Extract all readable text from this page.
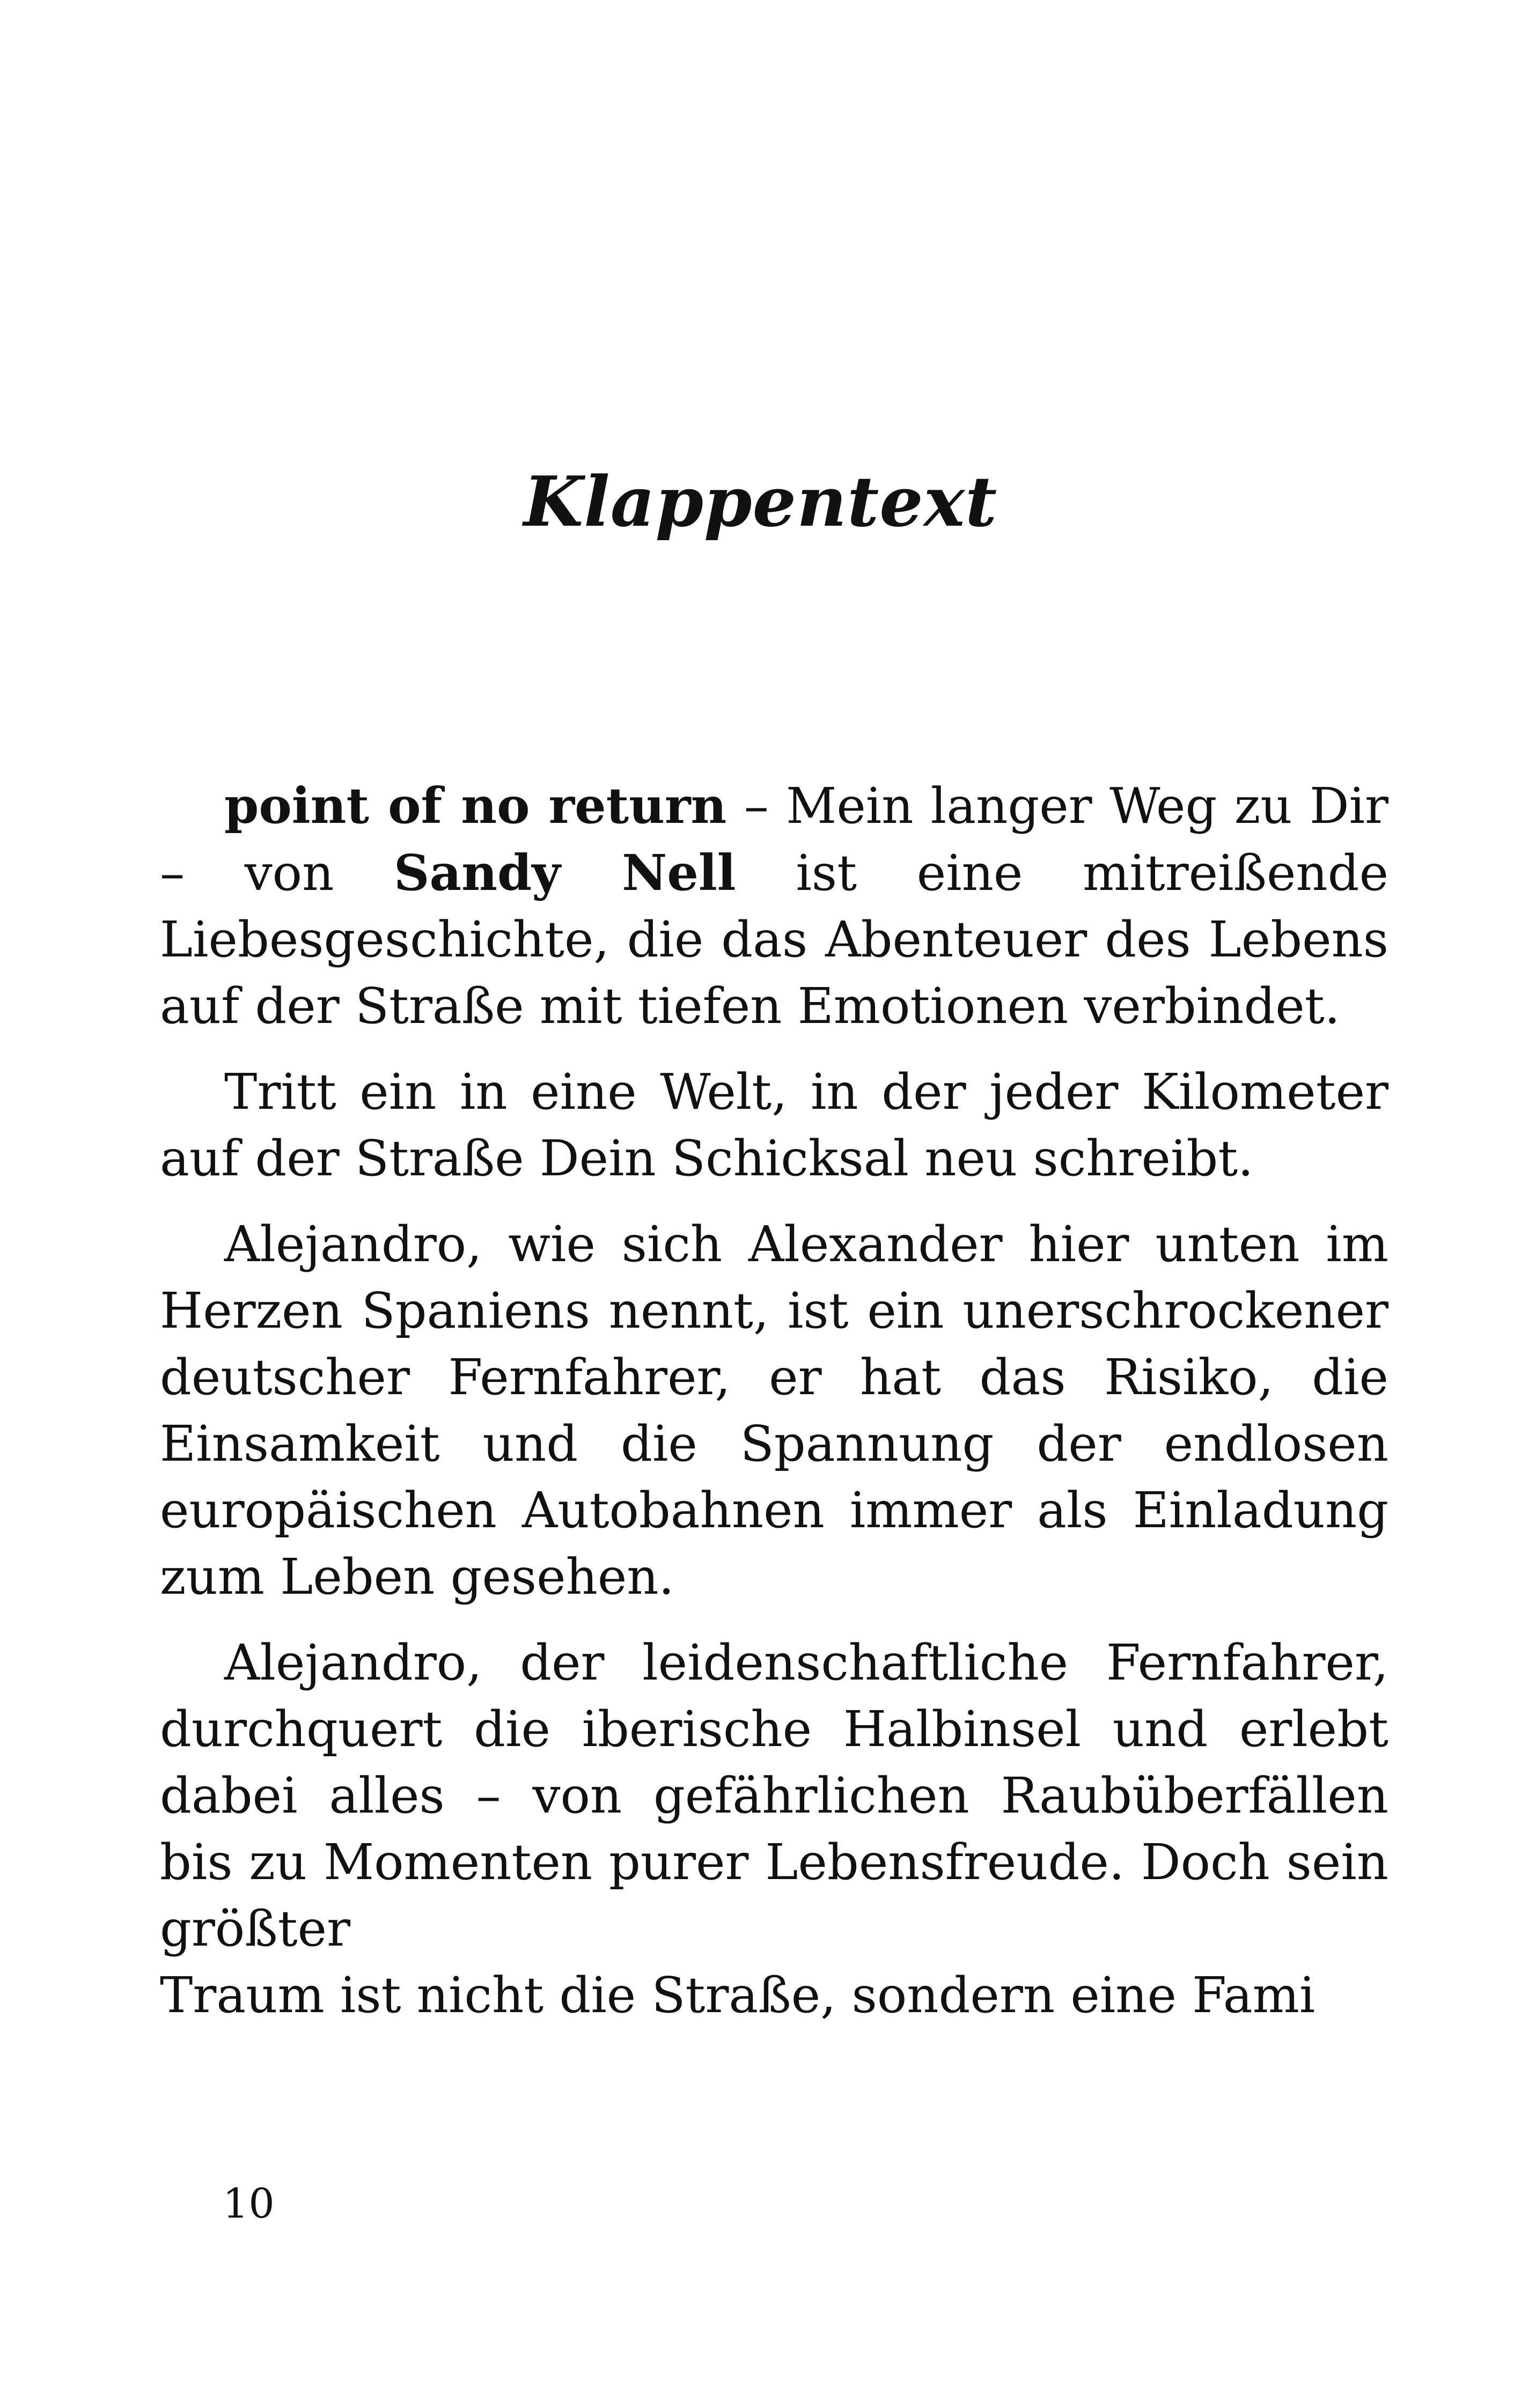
Klappentext

point of no return – Mein langer Weg zu Dir – von Sandy Nell ist eine mitreißende Liebesgeschichte, die das Abenteuer des Lebens auf der Straße mit tiefen Emotionen verbindet.

Tritt ein in eine Welt, in der jeder Kilometer auf der Straße Dein Schicksal neu schreibt.

Alejandro, wie sich Alexander hier unten im Herzen Spaniens nennt, ist ein unerschrockener deutscher Fernfahrer, er hat das Risiko, die Einsamkeit und die Spannung der endlosen europäischen Autobahnen immer als Einladung zum Leben gesehen.

Alejandro, der leidenschaftliche Fernfahrer, durchquert die iberische Halbinsel und erlebt dabei alles – von gefährlichen Raubüberfällen bis zu Momenten purer Lebensfreude. Doch sein größter
Traum ist nicht die Straße, sondern eine Fami

10
